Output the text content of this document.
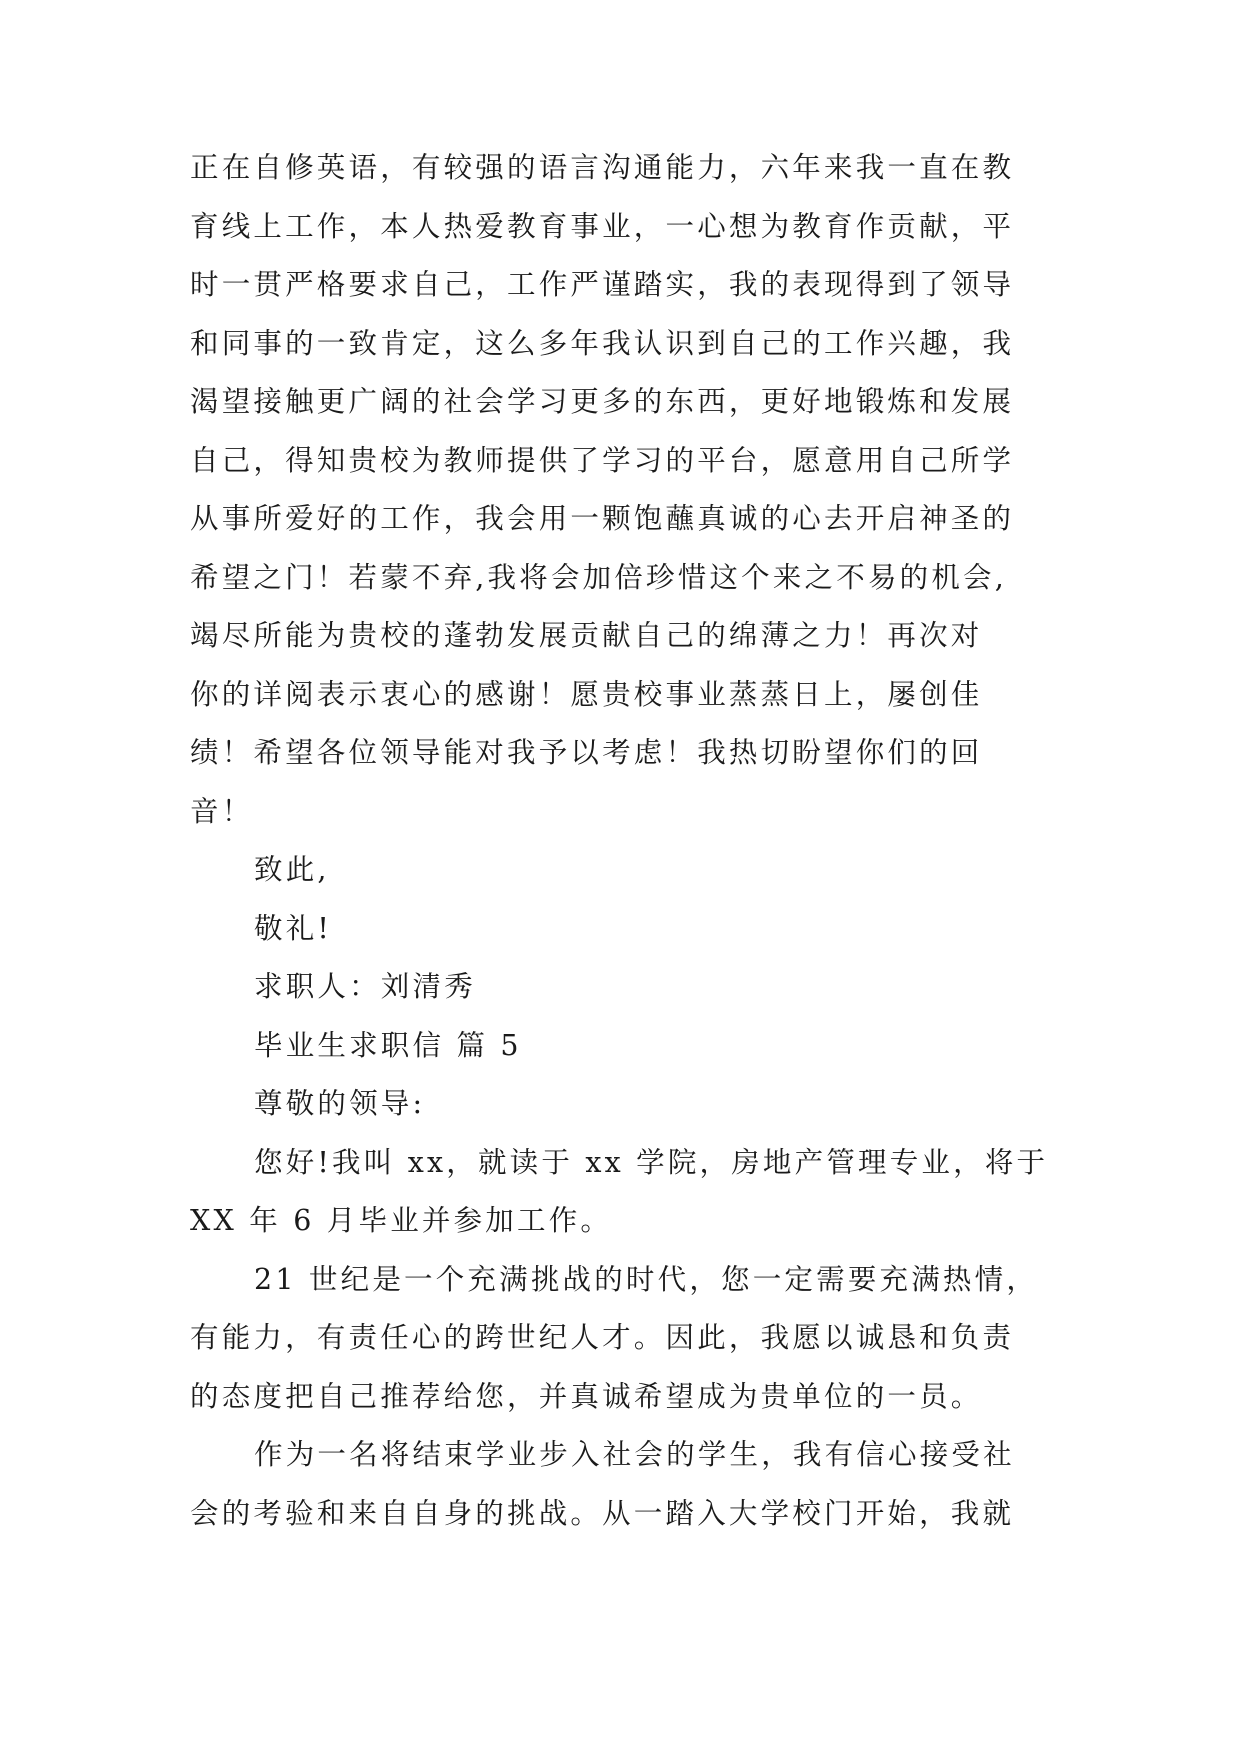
正在自修英语，有较强的语言沟通能力，六年来我一直在教
育线上工作，本人热爱教育事业，一心想为教育作贡献，平
时一贯严格要求自己，工作严谨踏实，我的表现得到了领导
和同事的一致肯定，这么多年我认识到自己的工作兴趣，我
渴望接触更广阔的社会学习更多的东西，更好地锻炼和发展
自己，得知贵校为教师提供了学习的平台，愿意用自己所学
从事所爱好的工作，我会用一颗饱蘸真诚的心去开启神圣的
希望之门！若蒙不弃,我将会加倍珍惜这个来之不易的机会,
竭尽所能为贵校的蓬勃发展贡献自己的绵薄之力！再次对
你的详阅表示衷心的感谢！愿贵校事业蒸蒸日上，屡创佳
绩！希望各位领导能对我予以考虑！我热切盼望你们的回
音！
致此,
敬礼!
求职人：刘清秀
毕业生求职信 篇 5
尊敬的领导:
您好!我叫 xx，就读于 xx 学院，房地产管理专业，将于
XX 年 6 月毕业并参加工作。
21 世纪是一个充满挑战的时代，您一定需要充满热情，
有能力，有责任心的跨世纪人才。因此，我愿以诚恳和负责
的态度把自己推荐给您，并真诚希望成为贵单位的一员。
作为一名将结束学业步入社会的学生，我有信心接受社
会的考验和来自自身的挑战。从一踏入大学校门开始，我就
